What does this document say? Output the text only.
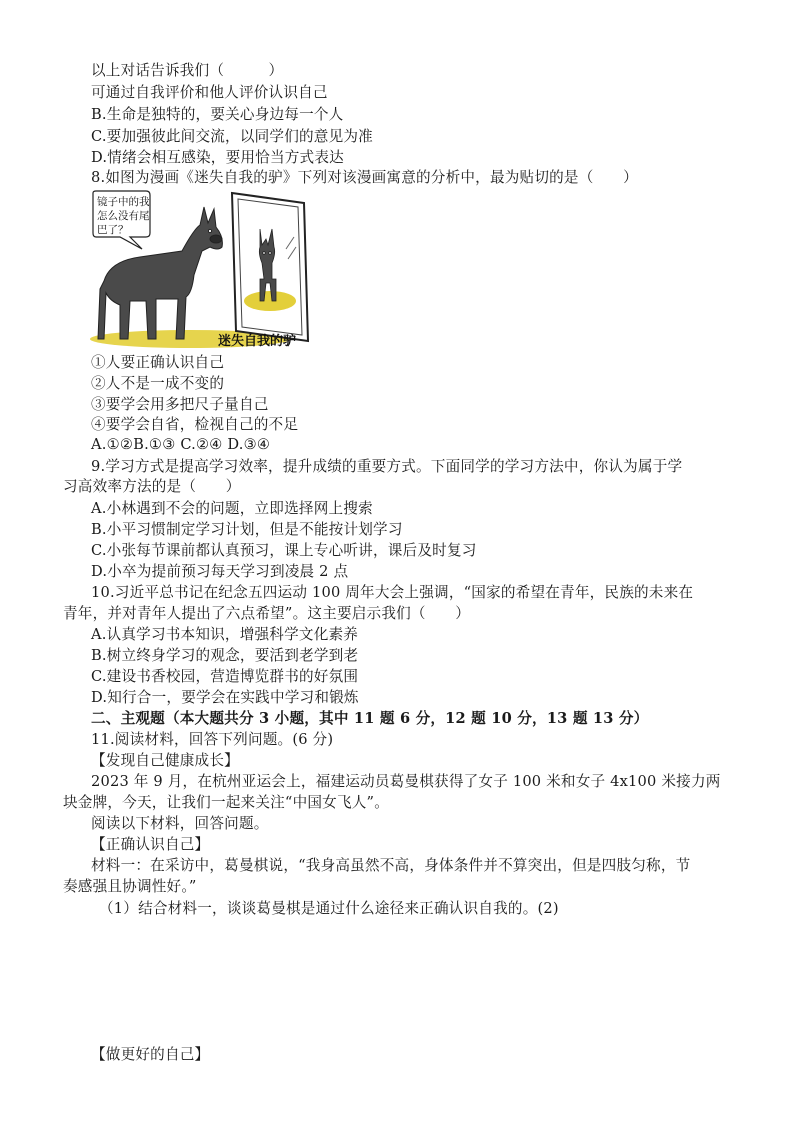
以上对话告诉我们（　　　）
可通过自我评价和他人评价认识自己
B.生命是独特的，要关心身边每一个人
C.要加强彼此间交流，以同学们的意见为准
D.情绪会相互感染，要用恰当方式表达
8.如图为漫画《迷失自我的驴》下列对该漫画寓意的分析中，最为贴切的是（　　）
镜子中的我
怎么没有尾
巴了？
迷失自我的驴
①人要正确认识自己
②人不是一成不变的
③要学会用多把尺子量自己
④要学会自省，检视自己的不足
A.①②B.①③ C.②④ D.③④
9.学习方式是提高学习效率，提升成绩的重要方式。下面同学的学习方法中，你认为属于学
习高效率方法的是（　　）
A.小林遇到不会的问题，立即选择网上搜索
B.小平习惯制定学习计划，但是不能按计划学习
C.小张每节课前都认真预习，课上专心听讲，课后及时复习
D.小卒为提前预习每天学习到凌晨 2 点
10.习近平总书记在纪念五四运动 100 周年大会上强调，“国家的希望在青年，民族的未来在
青年，并对青年人提出了六点希望”。这主要启示我们（　　）
A.认真学习书本知识，增强科学文化素养
B.树立终身学习的观念，要活到老学到老
C.建设书香校园，营造博览群书的好氛围
D.知行合一，要学会在实践中学习和锻炼
二、主观题（本大题共分 3 小题，其中 11 题 6 分，12 题 10 分，13 题 13 分）
11.阅读材料，回答下列问题。(6 分)
【发现自己健康成长】
2023 年 9 月，在杭州亚运会上，福建运动员葛曼棋获得了女子 100 米和女子 4x100 米接力两
块金牌，今天，让我们一起来关注“中国女飞人”。
阅读以下材料，回答问题。
【正确认识自己】
材料一：在采访中，葛曼棋说，“我身高虽然不高，身体条件并不算突出，但是四肢匀称，节
奏感强且协调性好。”
（1）结合材料一，谈谈葛曼棋是通过什么途径来正确认识自我的。(2)
【做更好的自己】
